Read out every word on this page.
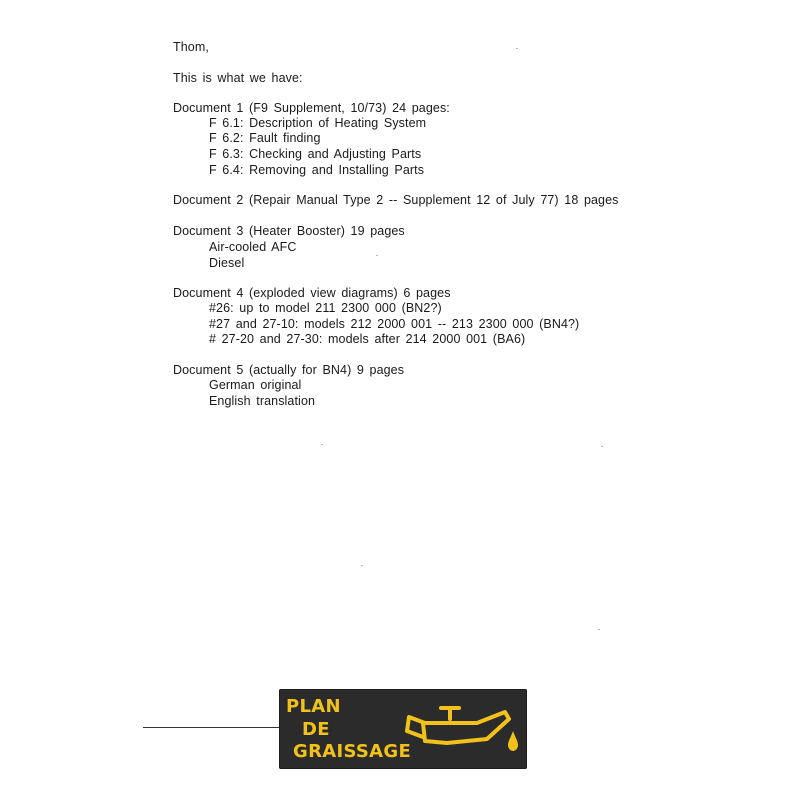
Thom,
This is what we have:
Document 1 (F9 Supplement, 10/73) 24 pages:
F 6.1: Description of Heating System
F 6.2: Fault finding
F 6.3: Checking and Adjusting Parts
F 6.4: Removing and Installing Parts
Document 2 (Repair Manual Type 2 -- Supplement 12 of July 77) 18 pages
Document 3 (Heater Booster) 19 pages
Air-cooled AFC
Diesel
Document 4 (exploded view diagrams) 6 pages
#26: up to model 211 2300 000 (BN2?)
#27 and 27-10: models 212 2000 001 -- 213 2300 000 (BN4?)
# 27-20 and 27-30: models after 214 2000 001 (BA6)
Document 5 (actually for BN4) 9 pages
German original
English translation
PLAN
DE
GRAISSAGE
